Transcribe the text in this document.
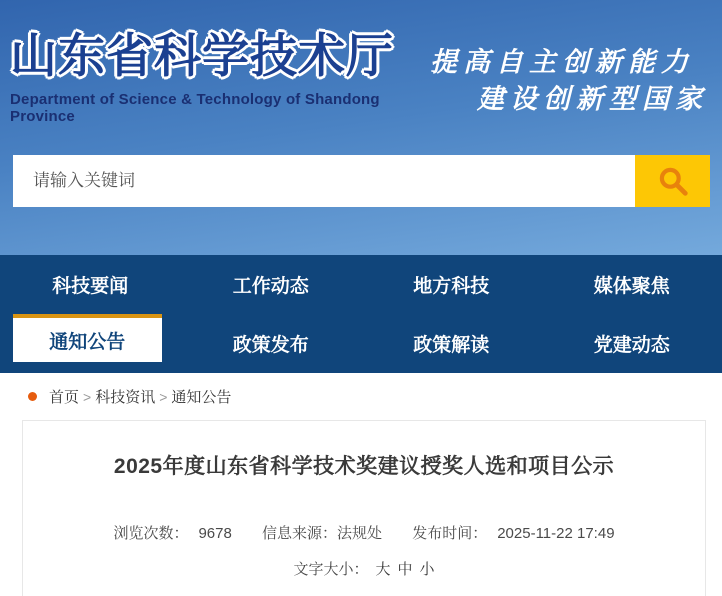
山东省科学技术厅
Department of Science & Technology of Shandong Province
提高自主创新能力
建设创新型国家
请输入关键词
科技要闻	工作动态	地方科技	媒体聚焦
通知公告	政策发布	政策解读	党建动态
首页 > 科技资讯 > 通知公告
2025年度山东省科学技术奖建议授奖人选和项目公示
浏览次数： 9678 信息来源：法规处 发布时间： 2025-11-22 17:49
文字大小： 大 中 小
